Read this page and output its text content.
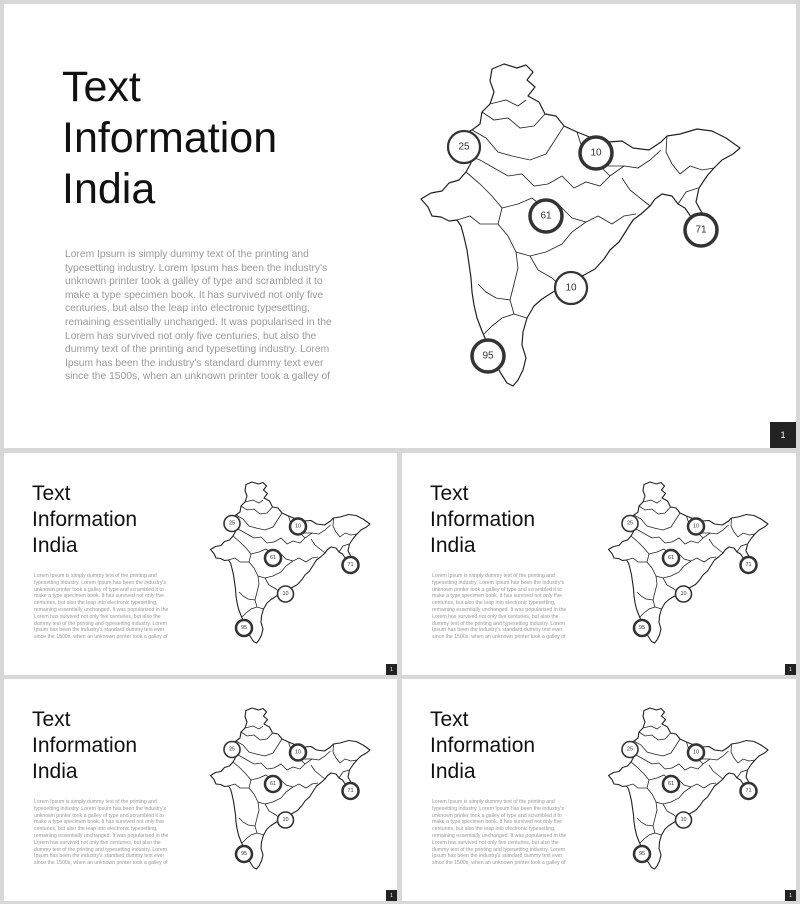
Text
Information
India

Lorem Ipsum is simply dummy text of the printing and typesetting industry. Lorem Ipsum has been the industry's unknown printer took a galley of type and scrambled it to make a type specimen book. It has survived not only five centuries, but also the leap into electronic typesetting, remaining essentially unchanged. It was popularised in the Lorem has survived not only five centuries, but also the dummy text of the printing and typesetting industry. Lorem Ipsum has been the industry's standard dummy text ever since the 1500s, when an unknown printer took a galley of

25
10
61
71
10
95
1
Text
Information
India

Lorem Ipsum is simply dummy text of the printing and typesetting industry. Lorem Ipsum has been the industry's unknown printer took a galley of type and scrambled it to make a type specimen book. It has survived not only five centuries, but also the leap into electronic typesetting, remaining essentially unchanged. It was popularised in the Lorem has survived not only five centuries, but also the dummy text of the printing and typesetting industry. Lorem Ipsum has been the industry's standard dummy text ever since the 1500s, when an unknown printer took a galley of

25	10
61
71
10
95
1
Text
Information
India

Lorem Ipsum is simply dummy text of the printing and typesetting industry. Lorem Ipsum has been the industry's unknown printer took a galley of type and scrambled it to make a type specimen book. It has survived not only five centuries, but also the leap into electronic typesetting, remaining essentially unchanged. It was popularised in the Lorem has survived not only five centuries, but also the dummy text of the printing and typesetting industry. Lorem Ipsum has been the industry's standard dummy text ever since the 1500s, when an unknown printer took a galley of

25	10
61
71
10
95
1
Text
Information
India

Lorem Ipsum is simply dummy text of the printing and typesetting industry. Lorem Ipsum has been the industry's unknown printer took a galley of type and scrambled it to make a type specimen book. It has survived not only five centuries, but also the leap into electronic typesetting, remaining essentially unchanged. It was popularised in the Lorem has survived not only five centuries, but also the dummy text of the printing and typesetting industry. Lorem Ipsum has been the industry's standard dummy text ever since the 1500s, when an unknown printer took a galley of

25	10
61
71
10
95
1
Text
Information
India

Lorem Ipsum is simply dummy text of the printing and typesetting industry. Lorem Ipsum has been the industry's unknown printer took a galley of type and scrambled it to make a type specimen book. It has survived not only five centuries, but also the leap into electronic typesetting, remaining essentially unchanged. It was popularised in the Lorem has survived not only five centuries, but also the dummy text of the printing and typesetting industry. Lorem Ipsum has been the industry's standard dummy text ever since the 1500s, when an unknown printer took a galley of

25	10
61
71
10
95
1
